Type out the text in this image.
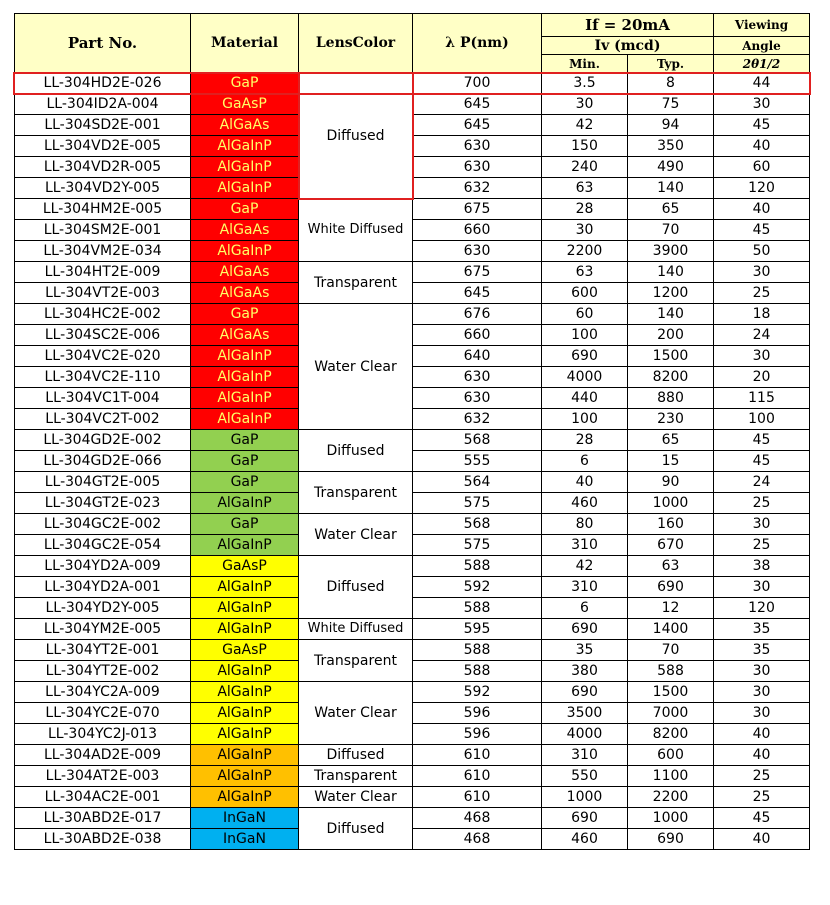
Part No.	Material	LensColor	λ P(nm)	If = 20mA		Viewing
				Iv (mcd)		Angle
				Min.	Typ.	2θ1/2
LL-304HD2E-026	GaP	Diffused	700	3.5	8	44
LL-304ID2A-004	GaAsP		645	30	75	30
LL-304SD2E-001	AlGaAs		645	42	94	45
LL-304VD2E-005	AlGaInP		630	150	350	40
LL-304VD2R-005	AlGaInP		630	240	490	60
LL-304VD2Y-005	AlGaInP		632	63	140	120
LL-304HM2E-005	GaP	White Diffused	675	28	65	40
LL-304SM2E-001	AlGaAs		660	30	70	45
LL-304VM2E-034	AlGaInP		630	2200	3900	50
LL-304HT2E-009	AlGaAs	Transparent	675	63	140	30
LL-304VT2E-003	AlGaAs		645	600	1200	25
LL-304HC2E-002	GaP	Water Clear	676	60	140	18
LL-304SC2E-006	AlGaAs		660	100	200	24
LL-304VC2E-020	AlGaInP		640	690	1500	30
LL-304VC2E-110	AlGaInP		630	4000	8200	20
LL-304VC1T-004	AlGaInP		630	440	880	115
LL-304VC2T-002	AlGaInP		632	100	230	100
LL-304GD2E-002	GaP	Diffused	568	28	65	45
LL-304GD2E-066	GaP		555	6	15	45
LL-304GT2E-005	GaP	Transparent	564	40	90	24
LL-304GT2E-023	AlGaInP		575	460	1000	25
LL-304GC2E-002	GaP	Water Clear	568	80	160	30
LL-304GC2E-054	AlGaInP		575	310	670	25
LL-304YD2A-009	GaAsP	Diffused	588	42	63	38
LL-304YD2A-001	AlGaInP		592	310	690	30
LL-304YD2Y-005	AlGaInP		588	6	12	120
LL-304YM2E-005	AlGaInP	White Diffused	595	690	1400	35
LL-304YT2E-001	GaAsP	Transparent	588	35	70	35
LL-304YT2E-002	AlGaInP		588	380	588	30
LL-304YC2A-009	AlGaInP	Water Clear	592	690	1500	30
LL-304YC2E-070	AlGaInP		596	3500	7000	30
LL-304YC2J-013	AlGaInP		596	4000	8200	40
LL-304AD2E-009	AlGaInP	Diffused	610	310	600	40
LL-304AT2E-003	AlGaInP	Transparent	610	550	1100	25
LL-304AC2E-001	AlGaInP	Water Clear	610	1000	2200	25
LL-30ABD2E-017	InGaN	Diffused	468	690	1000	45
LL-30ABD2E-038	InGaN		468	460	690	40
